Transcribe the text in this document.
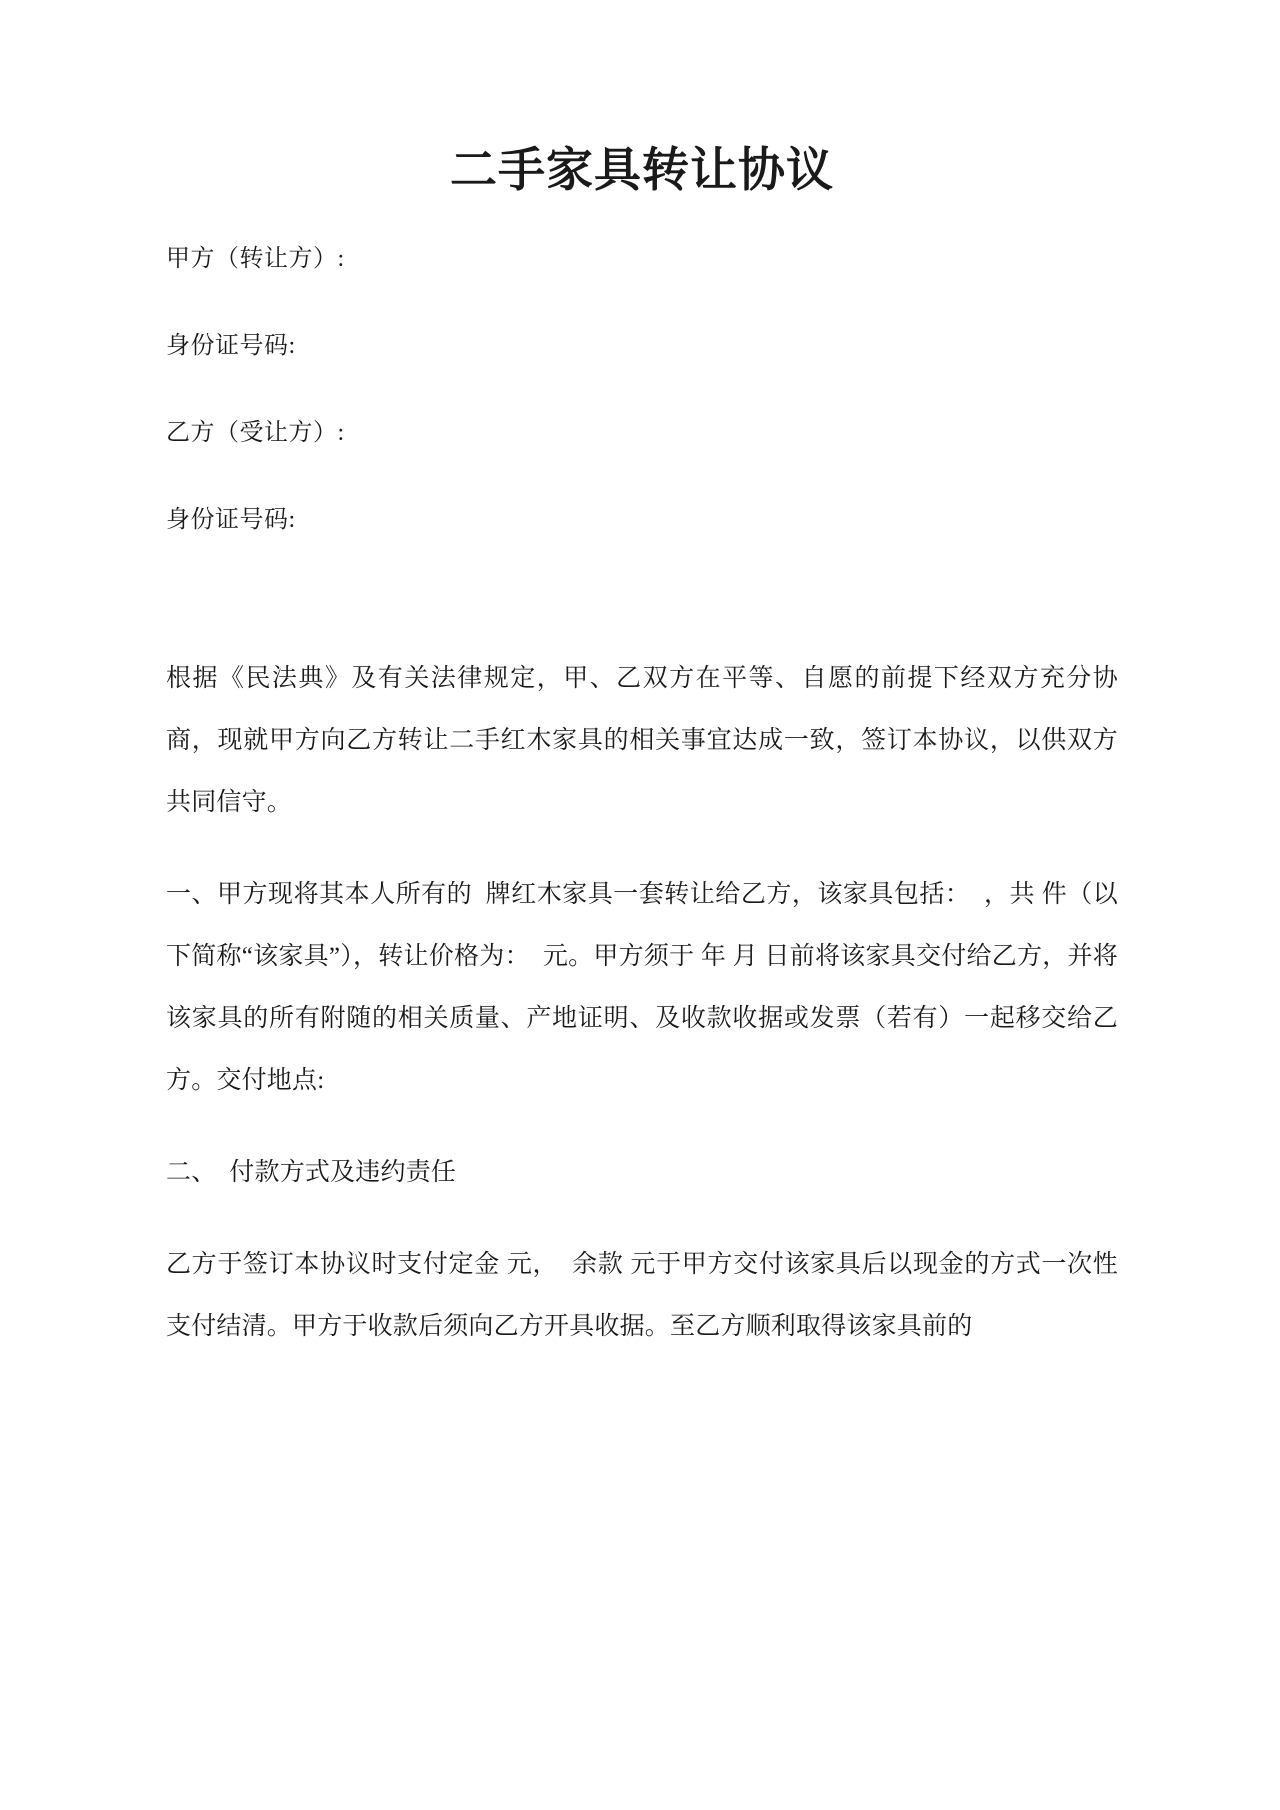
二手家具转让协议

甲方（转让方）:

身份证号码:

乙方（受让方）:

身份证号码:

根据《民法典》及有关法律规定，甲、乙双方在平等、自愿的前提下经双方充分协商，现就甲方向乙方转让二手红木家具的相关事宜达成一致，签订本协议，以供双方共同信守。

一、甲方现将其本人所有的  牌红木家具一套转让给乙方，该家具包括：  ，共 件（以下简称“该家具”），转让价格为：  元。甲方须于 年 月 日前将该家具交付给乙方，并将该家具的所有附随的相关质量、产地证明、及收款收据或发票（若有）一起移交给乙方。交付地点:

二、  付款方式及违约责任

乙方于签订本协议时支付定金 元，  余款 元于甲方交付该家具后以现金的方式一次性支付结清。甲方于收款后须向乙方开具收据。至乙方顺利取得该家具前的
